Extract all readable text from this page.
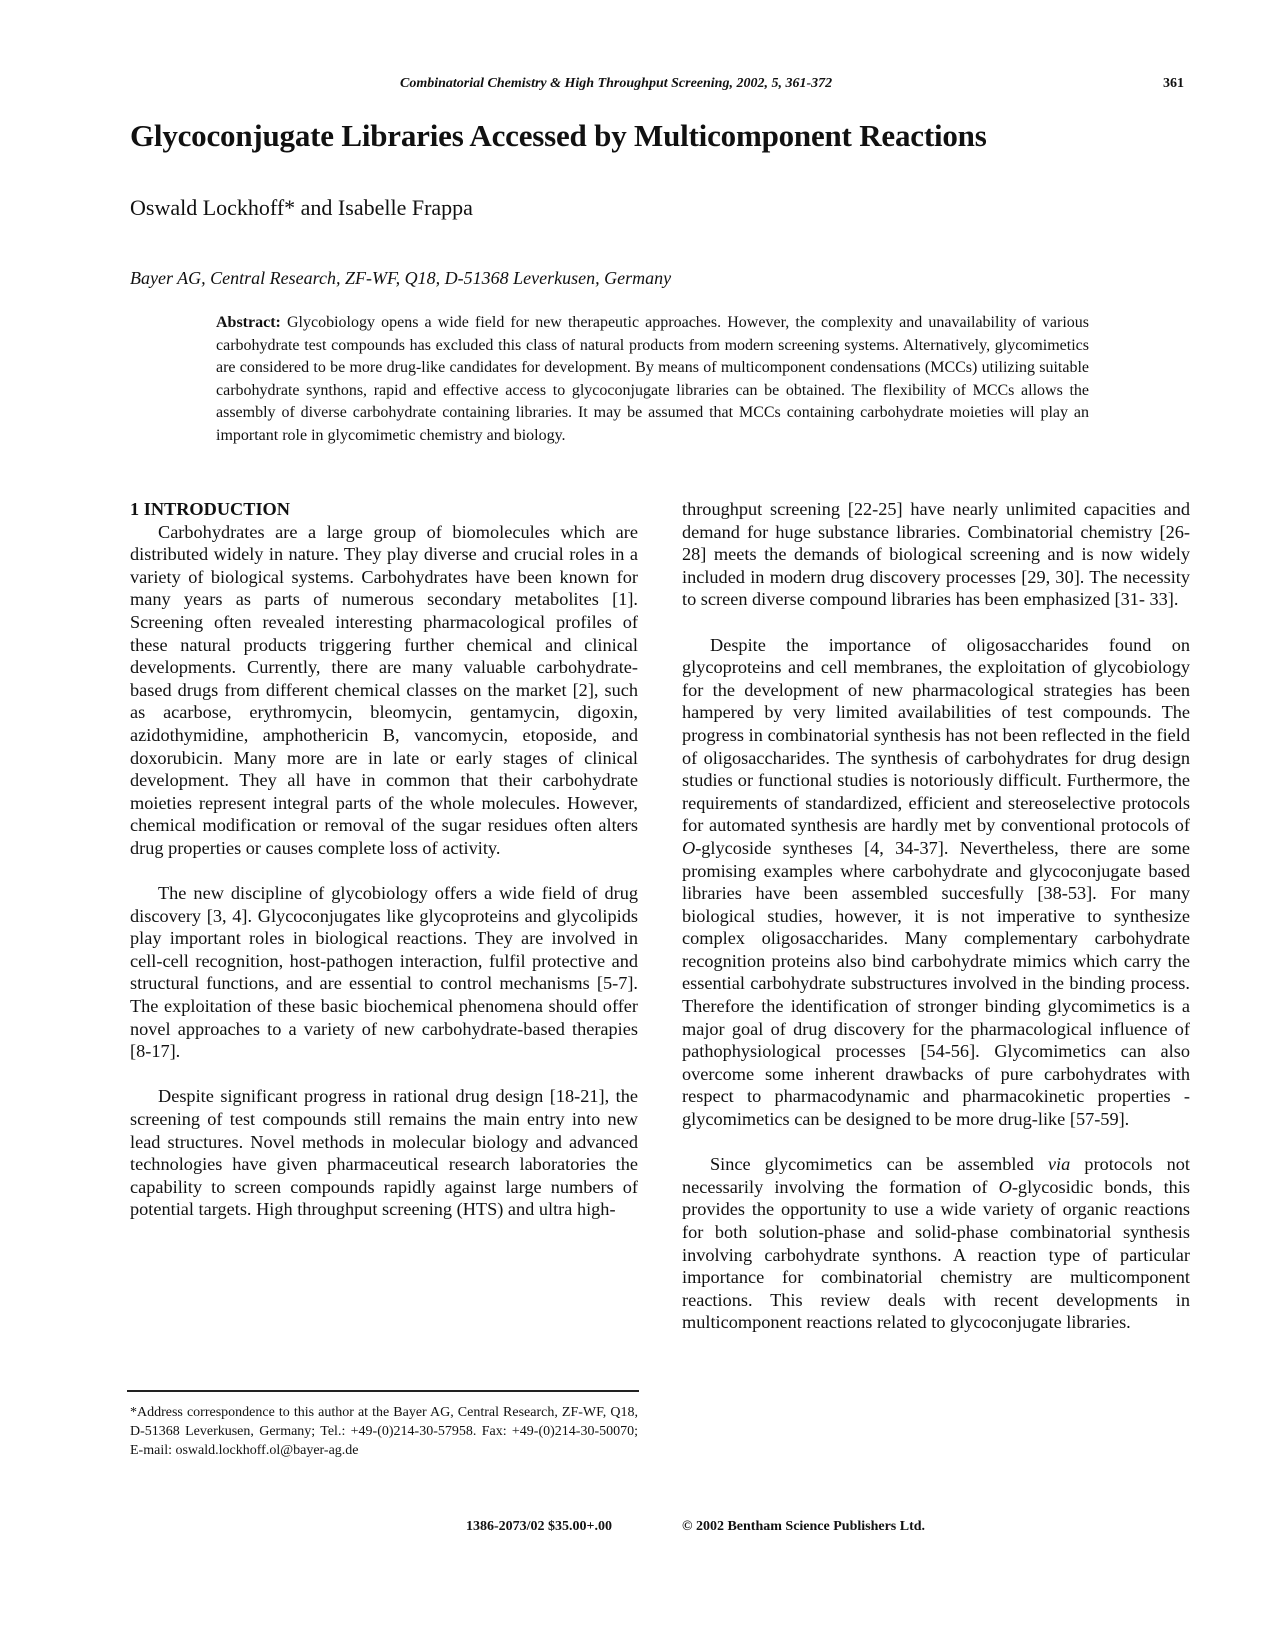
Combinatorial Chemistry & High Throughput Screening, 2002, 5, 361-372	361
Glycoconjugate Libraries Accessed by Multicomponent Reactions
Oswald Lockhoff* and Isabelle Frappa
Bayer AG, Central Research, ZF-WF, Q18, D-51368 Leverkusen, Germany
Abstract: Glycobiology opens a wide field for new therapeutic approaches. However, the complexity and unavailability of various carbohydrate test compounds has excluded this class of natural products from modern screening systems. Alternatively, glycomimetics are considered to be more drug-like candidates for development. By means of multicomponent condensations (MCCs) utilizing suitable carbohydrate synthons, rapid and effective access to glycoconjugate libraries can be obtained. The flexibility of MCCs allows the assembly of diverse carbohydrate containing libraries. It may be assumed that MCCs containing carbohydrate moieties will play an important role in glycomimetic chemistry and biology.

1 INTRODUCTION

Carbohydrates are a large group of biomolecules which are distributed widely in nature. They play diverse and crucial roles in a variety of biological systems. Carbohydrates have been known for many years as parts of numerous secondary metabolites [1]. Screening often revealed interesting pharmacological profiles of these natural products triggering further chemical and clinical developments. Currently, there are many valuable carbohydrate-based drugs from different chemical classes on the market [2], such as acarbose, erythromycin, bleomycin, gentamycin, digoxin, azidothymidine, amphothericin B, vancomycin, etoposide, and doxorubicin. Many more are in late or early stages of clinical development. They all have in common that their carbohydrate moieties represent integral parts of the whole molecules. However, chemical modification or removal of the sugar residues often alters drug properties or causes complete loss of activity.

The new discipline of glycobiology offers a wide field of drug discovery [3, 4]. Glycoconjugates like glycoproteins and glycolipids play important roles in biological reactions. They are involved in cell-cell recognition, host-pathogen interaction, fulfil protective and structural functions, and are essential to control mechanisms [5-7]. The exploitation of these basic biochemical phenomena should offer novel approaches to a variety of new carbohydrate-based therapies [8-17].

Despite significant progress in rational drug design [18-21], the screening of test compounds still remains the main entry into new lead structures. Novel methods in molecular biology and advanced technologies have given pharmaceutical research laboratories the capability to screen compounds rapidly against large numbers of potential targets. High throughput screening (HTS) and ultra high-

throughput screening [22-25] have nearly unlimited capacities and demand for huge substance libraries. Combinatorial chemistry [26-28] meets the demands of biological screening and is now widely included in modern drug discovery processes [29, 30]. The necessity to screen diverse compound libraries has been emphasized [31- 33].

Despite the importance of oligosaccharides found on glycoproteins and cell membranes, the exploitation of glycobiology for the development of new pharmacological strategies has been hampered by very limited availabilities of test compounds. The progress in combinatorial synthesis has not been reflected in the field of oligosaccharides. The synthesis of carbohydrates for drug design studies or functional studies is notoriously difficult. Furthermore, the requirements of standardized, efficient and stereoselective protocols for automated synthesis are hardly met by conventional protocols of O-glycoside syntheses [4, 34-37]. Nevertheless, there are some promising examples where carbohydrate and glycoconjugate based libraries have been assembled succesfully [38-53]. For many biological studies, however, it is not imperative to synthesize complex oligosaccharides. Many complementary carbohydrate recognition proteins also bind carbohydrate mimics which carry the essential carbohydrate substructures involved in the binding process. Therefore the identification of stronger binding glycomimetics is a major goal of drug discovery for the pharmacological influence of pathophysiological processes [54-56]. Glycomimetics can also overcome some inherent drawbacks of pure carbohydrates with respect to pharmacodynamic and pharmacokinetic properties - glycomimetics can be designed to be more drug-like [57-59].

Since glycomimetics can be assembled via protocols not necessarily involving the formation of O-glycosidic bonds, this provides the opportunity to use a wide variety of organic reactions for both solution-phase and solid-phase combinatorial synthesis involving carbohydrate synthons. A reaction type of particular importance for combinatorial chemistry are multicomponent reactions. This review deals with recent developments in multicomponent reactions related to glycoconjugate libraries.

*Address correspondence to this author at the Bayer AG, Central Research, ZF-WF, Q18, D-51368 Leverkusen, Germany; Tel.: +49-(0)214-30-57958. Fax: +49-(0)214-30-50070; E-mail: oswald.lockhoff.ol@bayer-ag.de
1386-2073/02 $35.00+.00	© 2002 Bentham Science Publishers Ltd.
